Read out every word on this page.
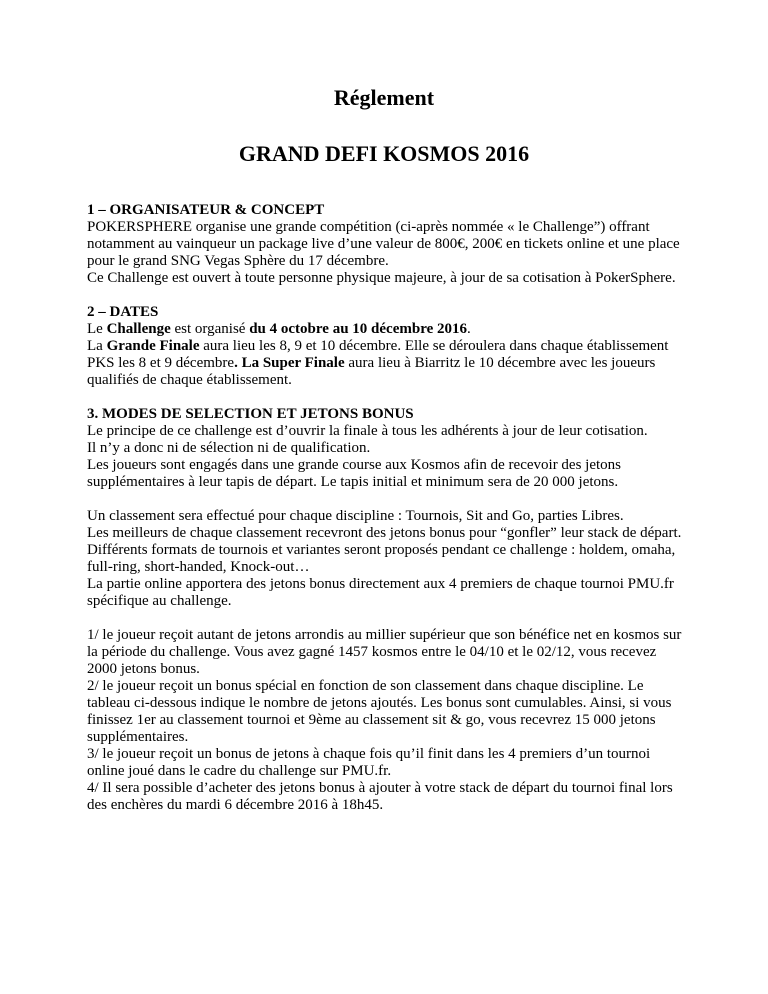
Réglement
GRAND DEFI KOSMOS 2016

1 – ORGANISATEUR & CONCEPT

POKERSPHERE organise une grande compétition (ci-après nommée « le Challenge”) offrant notamment au vainqueur un package live d’une valeur de 800€, 200€ en tickets online et une place pour le grand SNG Vegas Sphère du 17 décembre.

Ce Challenge est ouvert à toute personne physique majeure, à jour de sa cotisation à PokerSphere.

2 – DATES

Le Challenge est organisé du 4 octobre au 10 décembre 2016.

La Grande Finale aura lieu les 8, 9 et 10 décembre. Elle se déroulera dans chaque établissement PKS les 8 et 9 décembre. La Super Finale aura lieu à Biarritz le 10 décembre avec les joueurs qualifiés de chaque établissement.

3. MODES DE SELECTION ET JETONS BONUS

Le principe de ce challenge est d’ouvrir la finale à tous les adhérents à jour de leur cotisation.

Il n’y a donc ni de sélection ni de qualification.

Les joueurs sont engagés dans une grande course aux Kosmos afin de recevoir des jetons supplémentaires à leur tapis de départ. Le tapis initial et minimum sera de 20 000 jetons.

Un classement sera effectué pour chaque discipline : Tournois, Sit and Go, parties Libres.

Les meilleurs de chaque classement recevront des jetons bonus pour “gonfler” leur stack de départ.

Différents formats de tournois et variantes seront proposés pendant ce challenge : holdem, omaha, full-ring, short-handed, Knock-out…

La partie online apportera des jetons bonus directement aux 4 premiers de chaque tournoi PMU.fr spécifique au challenge.

1/ le joueur reçoit autant de jetons arrondis au millier supérieur que son bénéfice net en kosmos sur la période du challenge. Vous avez gagné 1457 kosmos entre le 04/10 et le 02/12, vous recevez 2000 jetons bonus.

2/ le joueur reçoit un bonus spécial en fonction de son classement dans chaque discipline. Le tableau ci-dessous indique le nombre de jetons ajoutés. Les bonus sont cumulables. Ainsi, si vous finissez 1er au classement tournoi et 9ème au classement sit & go, vous recevrez 15 000 jetons supplémentaires.

3/ le joueur reçoit un bonus de jetons à chaque fois qu’il finit dans les 4 premiers d’un tournoi online joué dans le cadre du challenge sur PMU.fr.

4/ Il sera possible d’acheter des jetons bonus à ajouter à votre stack de départ du tournoi final lors des enchères du mardi 6 décembre 2016 à 18h45.
